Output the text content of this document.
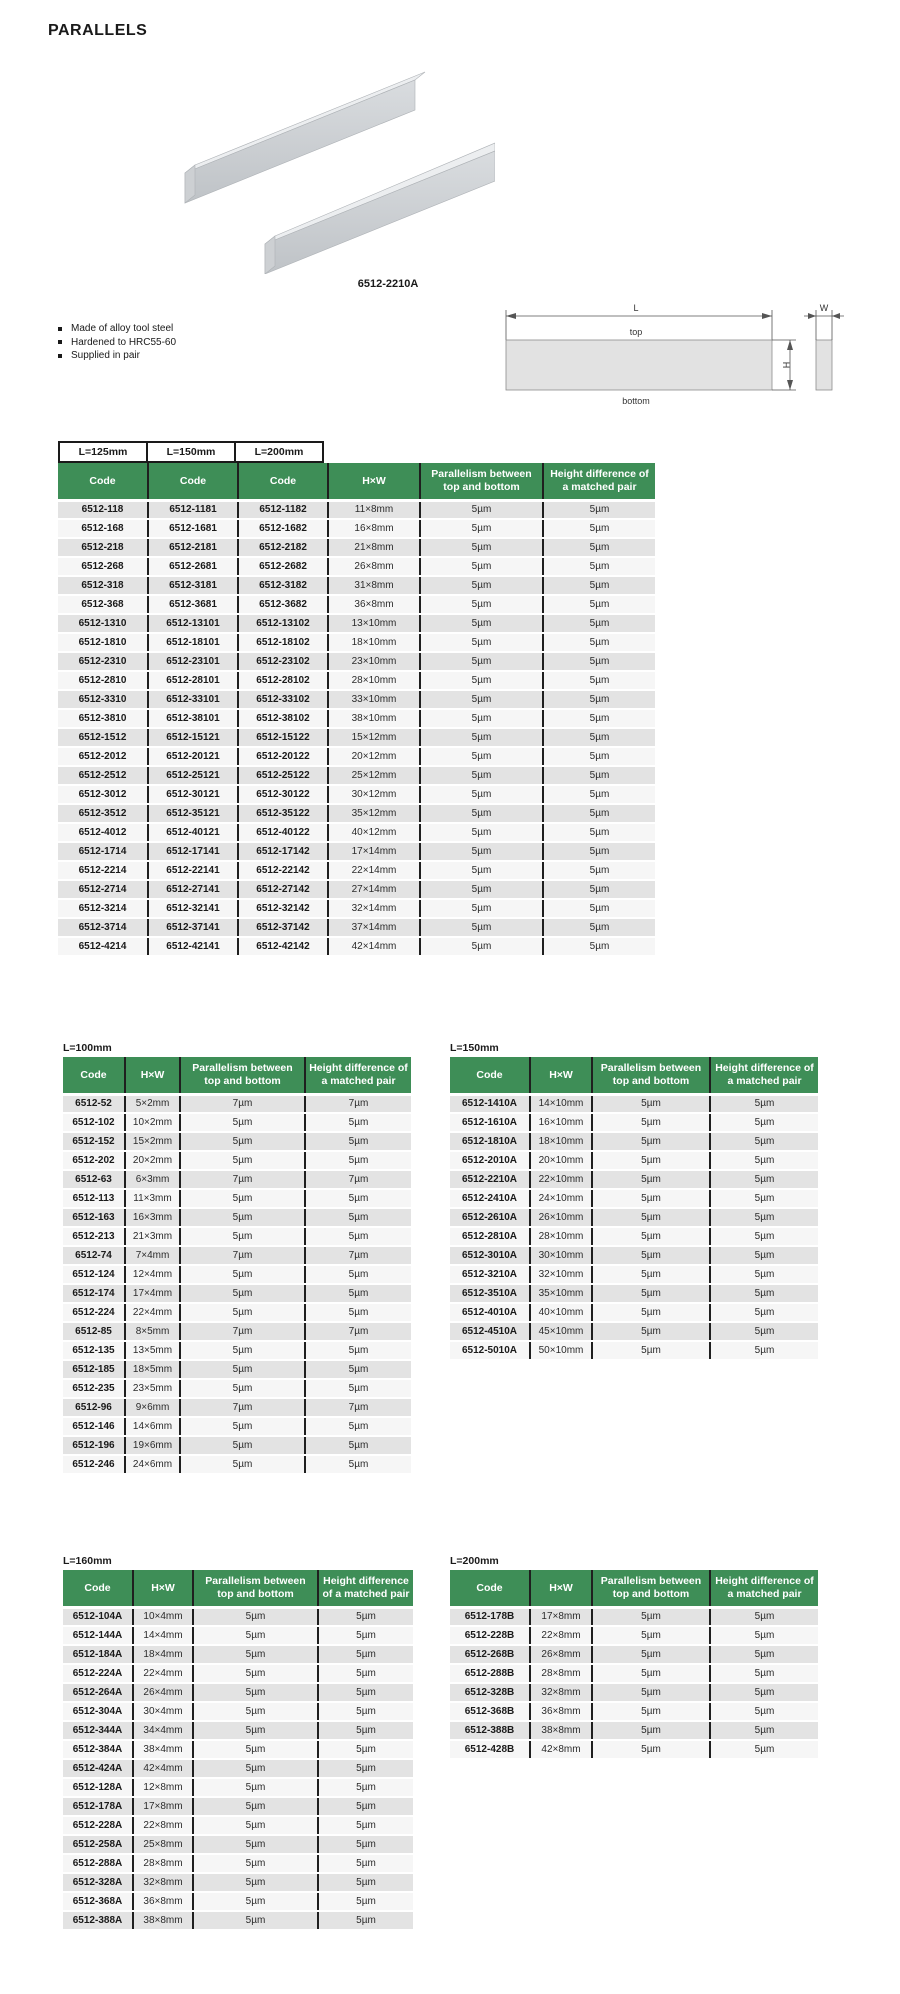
PARALLELS
6512-2210A
Made of alloy tool steel
Hardened to HRC55-60
Supplied in pair
L
top
bottom
H
W
L=125mm	L=150mm	L=200mm
Code	Code	Code	H×W	Parallelism between top and bottom	Height difference of a matched pair
6512-118	6512-1181	6512-1182	11×8mm	5µm	5µm
6512-168	6512-1681	6512-1682	16×8mm	5µm	5µm
6512-218	6512-2181	6512-2182	21×8mm	5µm	5µm
6512-268	6512-2681	6512-2682	26×8mm	5µm	5µm
6512-318	6512-3181	6512-3182	31×8mm	5µm	5µm
6512-368	6512-3681	6512-3682	36×8mm	5µm	5µm
6512-1310	6512-13101	6512-13102	13×10mm	5µm	5µm
6512-1810	6512-18101	6512-18102	18×10mm	5µm	5µm
6512-2310	6512-23101	6512-23102	23×10mm	5µm	5µm
6512-2810	6512-28101	6512-28102	28×10mm	5µm	5µm
6512-3310	6512-33101	6512-33102	33×10mm	5µm	5µm
6512-3810	6512-38101	6512-38102	38×10mm	5µm	5µm
6512-1512	6512-15121	6512-15122	15×12mm	5µm	5µm
6512-2012	6512-20121	6512-20122	20×12mm	5µm	5µm
6512-2512	6512-25121	6512-25122	25×12mm	5µm	5µm
6512-3012	6512-30121	6512-30122	30×12mm	5µm	5µm
6512-3512	6512-35121	6512-35122	35×12mm	5µm	5µm
6512-4012	6512-40121	6512-40122	40×12mm	5µm	5µm
6512-1714	6512-17141	6512-17142	17×14mm	5µm	5µm
6512-2214	6512-22141	6512-22142	22×14mm	5µm	5µm
6512-2714	6512-27141	6512-27142	27×14mm	5µm	5µm
6512-3214	6512-32141	6512-32142	32×14mm	5µm	5µm
6512-3714	6512-37141	6512-37142	37×14mm	5µm	5µm
6512-4214	6512-42141	6512-42142	42×14mm	5µm	5µm
L=100mm
Code	H×W	Parallelism between top and bottom	Height difference of a matched pair
6512-52	5×2mm	7µm	7µm
6512-102	10×2mm	5µm	5µm
6512-152	15×2mm	5µm	5µm
6512-202	20×2mm	5µm	5µm
6512-63	6×3mm	7µm	7µm
6512-113	11×3mm	5µm	5µm
6512-163	16×3mm	5µm	5µm
6512-213	21×3mm	5µm	5µm
6512-74	7×4mm	7µm	7µm
6512-124	12×4mm	5µm	5µm
6512-174	17×4mm	5µm	5µm
6512-224	22×4mm	5µm	5µm
6512-85	8×5mm	7µm	7µm
6512-135	13×5mm	5µm	5µm
6512-185	18×5mm	5µm	5µm
6512-235	23×5mm	5µm	5µm
6512-96	9×6mm	7µm	7µm
6512-146	14×6mm	5µm	5µm
6512-196	19×6mm	5µm	5µm
6512-246	24×6mm	5µm	5µm
L=150mm
Code	H×W	Parallelism between top and bottom	Height difference of a matched pair
6512-1410A	14×10mm	5µm	5µm
6512-1610A	16×10mm	5µm	5µm
6512-1810A	18×10mm	5µm	5µm
6512-2010A	20×10mm	5µm	5µm
6512-2210A	22×10mm	5µm	5µm
6512-2410A	24×10mm	5µm	5µm
6512-2610A	26×10mm	5µm	5µm
6512-2810A	28×10mm	5µm	5µm
6512-3010A	30×10mm	5µm	5µm
6512-3210A	32×10mm	5µm	5µm
6512-3510A	35×10mm	5µm	5µm
6512-4010A	40×10mm	5µm	5µm
6512-4510A	45×10mm	5µm	5µm
6512-5010A	50×10mm	5µm	5µm
L=160mm
Code	H×W	Parallelism between top and bottom	Height difference of a matched pair
6512-104A	10×4mm	5µm	5µm
6512-144A	14×4mm	5µm	5µm
6512-184A	18×4mm	5µm	5µm
6512-224A	22×4mm	5µm	5µm
6512-264A	26×4mm	5µm	5µm
6512-304A	30×4mm	5µm	5µm
6512-344A	34×4mm	5µm	5µm
6512-384A	38×4mm	5µm	5µm
6512-424A	42×4mm	5µm	5µm
6512-128A	12×8mm	5µm	5µm
6512-178A	17×8mm	5µm	5µm
6512-228A	22×8mm	5µm	5µm
6512-258A	25×8mm	5µm	5µm
6512-288A	28×8mm	5µm	5µm
6512-328A	32×8mm	5µm	5µm
6512-368A	36×8mm	5µm	5µm
6512-388A	38×8mm	5µm	5µm
L=200mm
Code	H×W	Parallelism between top and bottom	Height difference of a matched pair
6512-178B	17×8mm	5µm	5µm
6512-228B	22×8mm	5µm	5µm
6512-268B	26×8mm	5µm	5µm
6512-288B	28×8mm	5µm	5µm
6512-328B	32×8mm	5µm	5µm
6512-368B	36×8mm	5µm	5µm
6512-388B	38×8mm	5µm	5µm
6512-428B	42×8mm	5µm	5µm
